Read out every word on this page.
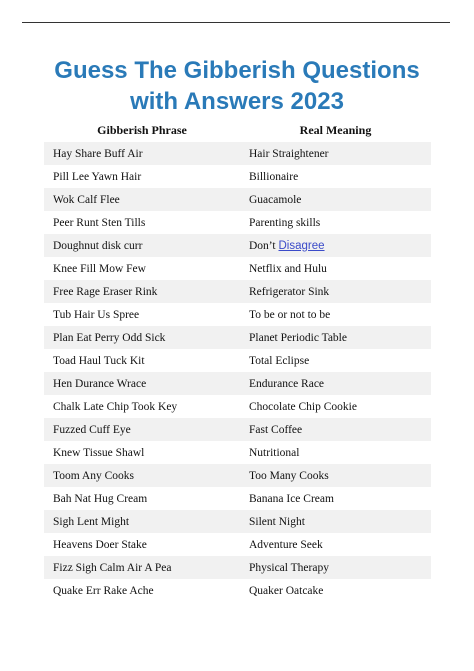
Guess The Gibberish Questions
with Answers 2023
Gibberish Phrase	Real Meaning
Hay Share Buff Air	Hair Straightener
Pill Lee Yawn Hair	Billionaire
Wok Calf Flee	Guacamole
Peer Runt Sten Tills	Parenting skills
Doughnut disk curr	Don’t Disagree
Knee Fill Mow Few	Netflix and Hulu
Free Rage Eraser Rink	Refrigerator Sink
Tub Hair Us Spree	To be or not to be
Plan Eat Perry Odd Sick	Planet Periodic Table
Toad Haul Tuck Kit	Total Eclipse
Hen Durance Wrace	Endurance Race
Chalk Late Chip Took Key	Chocolate Chip Cookie
Fuzzed Cuff Eye	Fast Coffee
Knew Tissue Shawl	Nutritional
Toom Any Cooks	Too Many Cooks
Bah Nat Hug Cream	Banana Ice Cream
Sigh Lent Might	Silent Night
Heavens Doer Stake	Adventure Seek
Fizz Sigh Calm Air A Pea	Physical Therapy
Quake Err Rake Ache	Quaker Oatcake
